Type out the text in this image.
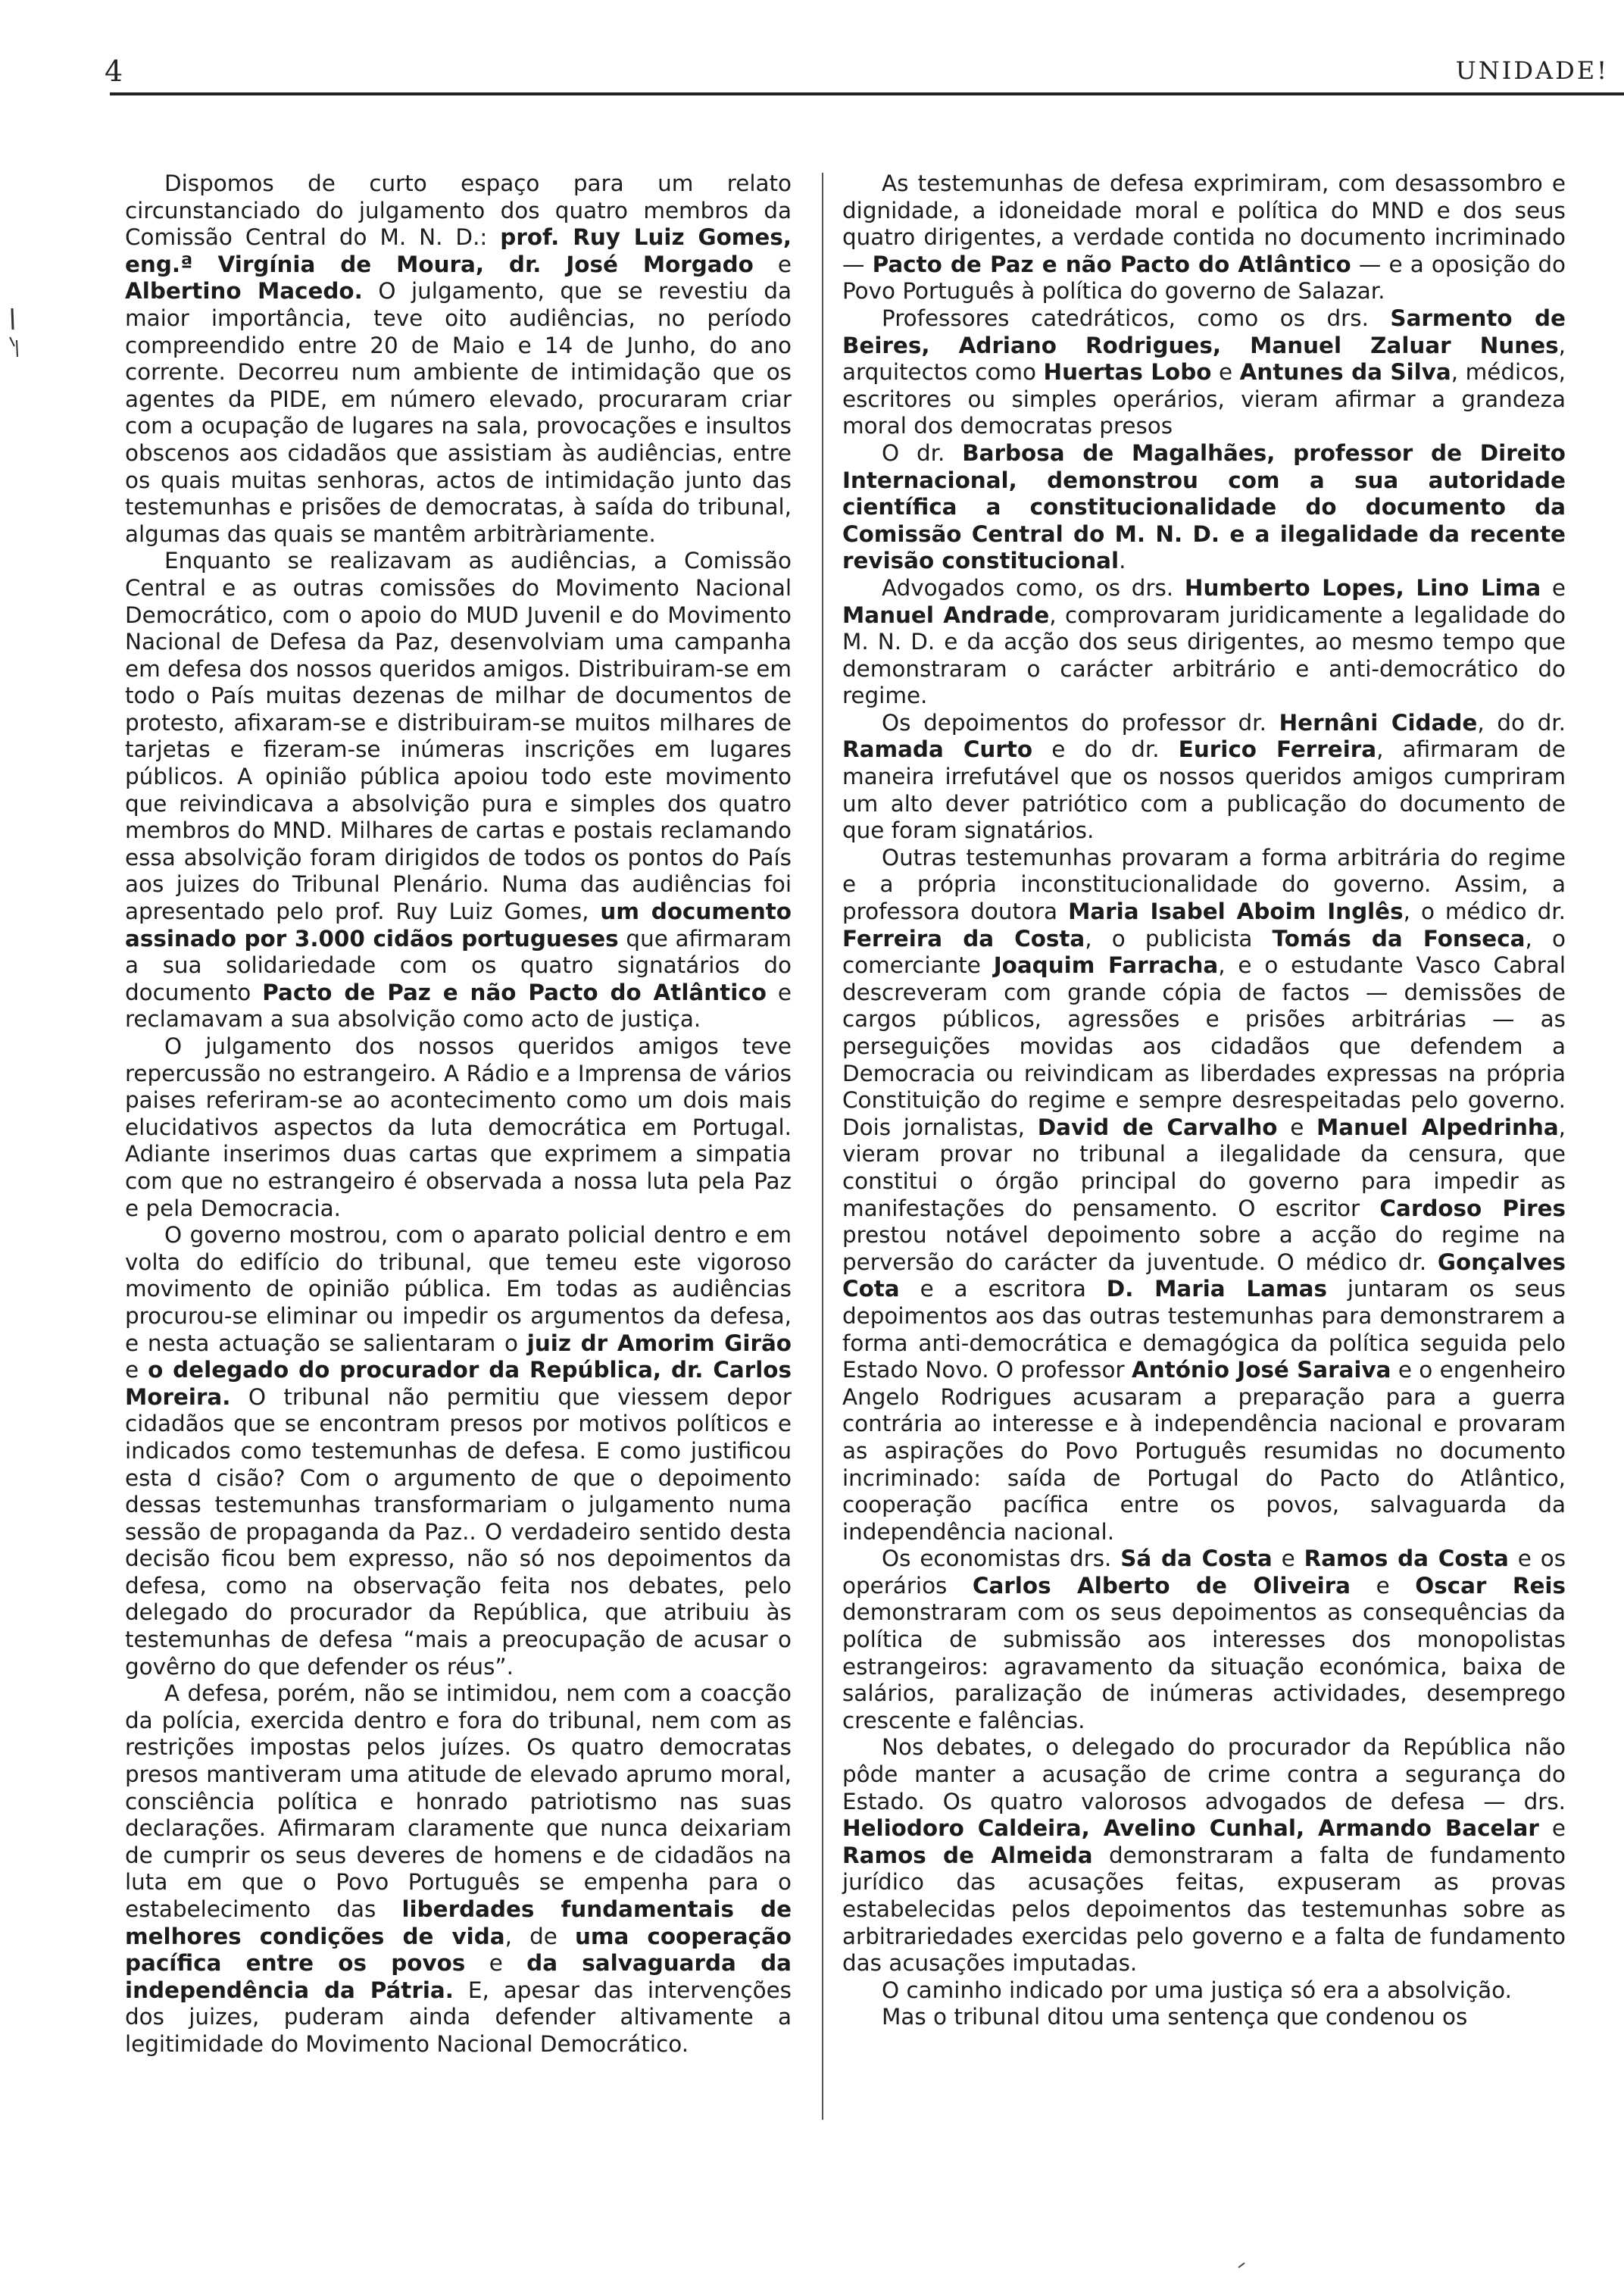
4	UNIDADE!

Dispomos de curto espaço para um relato circunstanciado do julgamento dos quatro membros da Comissão Central do M. N. D.: prof. Ruy Luiz Gomes, eng.ª Virgínia de Moura, dr. José Morgado e Albertino Macedo. O julgamento, que se revestiu da maior importância, teve oito audiências, no período compreendido entre 20 de Maio e 14 de Junho, do ano corrente. Decorreu num ambiente de intimidação que os agentes da PIDE, em número elevado, procuraram criar com a ocupação de lugares na sala, provocações e insultos obscenos aos cidadãos que assistiam às audiências, entre os quais muitas senhoras, actos de intimidação junto das testemunhas e prisões de democratas, à saída do tribunal, algumas das quais se mantêm arbitràriamente.

Enquanto se realizavam as audiências, a Comissão Central e as outras comissões do Movimento Nacional Democrático, com o apoio do MUD Juvenil e do Movimento Nacional de Defesa da Paz, desenvolviam uma campanha em defesa dos nossos queridos amigos. Distribuiram-se em todo o País muitas dezenas de milhar de documentos de protesto, afixaram-se e distribuiram-se muitos milhares de tarjetas e fizeram-se inúmeras inscrições em lugares públicos. A opinião pública apoiou todo este movimento que reivindicava a absolvição pura e simples dos quatro membros do MND. Milhares de cartas e postais reclamando essa absolvição foram dirigidos de todos os pontos do País aos juizes do Tribunal Plenário. Numa das audiências foi apresentado pelo prof. Ruy Luiz Gomes, um documento assinado por 3.000 cidãos portugueses que afirmaram a sua solidariedade com os quatro signatários do documento Pacto de Paz e não Pacto do Atlântico e reclamavam a sua absolvição como acto de justiça.

O julgamento dos nossos queridos amigos teve repercussão no estrangeiro. A Rádio e a Imprensa de vários paises referiram-se ao acontecimento como um dois mais elucidativos aspectos da luta democrática em Portugal. Adiante inserimos duas cartas que exprimem a simpatia com que no estrangeiro é observada a nossa luta pela Paz e pela Democracia.

O governo mostrou, com o aparato policial dentro e em volta do edifício do tribunal, que temeu este vigoroso movimento de opinião pública. Em todas as audiências procurou-se eliminar ou impedir os argumentos da defesa, e nesta actuação se salientaram o juiz dr Amorim Girão e o delegado do procurador da República, dr. Carlos Moreira. O tribunal não permitiu que viessem depor cidadãos que se encontram presos por motivos políticos e indicados como testemunhas de defesa. E como justificou esta d cisão? Com o argumento de que o depoimento dessas testemunhas transformariam o julgamento numa sessão de propaganda da Paz.. O verdadeiro sentido desta decisão ficou bem expresso, não só nos depoimentos da defesa, como na observação feita nos debates, pelo delegado do procurador da República, que atribuiu às testemunhas de defesa “mais a preocupação de acusar o govêrno do que defender os réus”.

A defesa, porém, não se intimidou, nem com a coacção da polícia, exercida dentro e fora do tribunal, nem com as restrições impostas pelos juízes. Os quatro democratas presos mantiveram uma atitude de elevado aprumo moral, consciência política e honrado patriotismo nas suas declarações. Afirmaram claramente que nunca deixariam de cumprir os seus deveres de homens e de cidadãos na luta em que o Povo Português se empenha para o estabelecimento das liberdades fundamentais de melhores condições de vida, de uma cooperação pacífica entre os povos e da salvaguarda da independência da Pátria. E, apesar das intervenções dos juizes, puderam ainda defender altivamente a legitimidade do Movimento Nacional Democrático.

As testemunhas de defesa exprimiram, com desassombro e dignidade, a idoneidade moral e política do MND e dos seus quatro dirigentes, a verdade contida no documento incriminado — Pacto de Paz e não Pacto do Atlântico — e a oposição do Povo Português à política do governo de Salazar.

Professores catedráticos, como os drs. Sarmento de Beires, Adriano Rodrigues, Manuel Zaluar Nunes, arquitectos como Huertas Lobo e Antunes da Silva, médicos, escritores ou simples operários, vieram afirmar a grandeza moral dos democratas presos

O dr. Barbosa de Magalhães, professor de Direito Internacional, demonstrou com a sua autoridade científica a constitucionalidade do documento da Comissão Central do M. N. D. e a ilegalidade da recente revisão constitucional.

Advogados como, os drs. Humberto Lopes, Lino Lima e Manuel Andrade, comprovaram juridicamente a legalidade do M. N. D. e da acção dos seus dirigentes, ao mesmo tempo que demonstraram o carácter arbitrário e anti-democrático do regime.

Os depoimentos do professor dr. Hernâni Cidade, do dr. Ramada Curto e do dr. Eurico Ferreira, afirmaram de maneira irrefutável que os nossos queridos amigos cumpriram um alto dever patriótico com a publicação do documento de que foram signatários.

Outras testemunhas provaram a forma arbitrária do regime e a própria inconstitucionalidade do governo. Assim, a professora doutora Maria Isabel Aboim Inglês, o médico dr. Ferreira da Costa, o publicista Tomás da Fonseca, o comerciante Joaquim Farracha, e o estudante Vasco Cabral descreveram com grande cópia de factos — demissões de cargos públicos, agressões e prisões arbitrárias — as perseguições movidas aos cidadãos que defendem a Democracia ou reivindicam as liberdades expressas na própria Constituição do regime e sempre desrespeitadas pelo governo. Dois jornalistas, David de Carvalho e Manuel Alpedrinha, vieram provar no tribunal a ilegalidade da censura, que constitui o órgão principal do governo para impedir as manifestações do pensamento. O escritor Cardoso Pires prestou notável depoimento sobre a acção do regime na perversão do carácter da juventude. O médico dr. Gonçalves Cota e a escritora D. Maria Lamas juntaram os seus depoimentos aos das outras testemunhas para demonstrarem a forma anti-democrática e demagógica da política seguida pelo Estado Novo. O professor António José Saraiva e o engenheiro Angelo Rodrigues acusaram a preparação para a guerra contrária ao interesse e à independência nacional e provaram as aspirações do Povo Português resumidas no documento incriminado: saída de Portugal do Pacto do Atlântico, cooperação pacífica entre os povos, salvaguarda da independência nacional.

Os economistas drs. Sá da Costa e Ramos da Costa e os operários Carlos Alberto de Oliveira e Oscar Reis demonstraram com os seus depoimentos as consequências da política de submissão aos interesses dos monopolistas estrangeiros: agravamento da situação económica, baixa de salários, paralização de inúmeras actividades, desemprego crescente e falências.

Nos debates, o delegado do procurador da República não pôde manter a acusação de crime contra a segurança do Estado. Os quatro valorosos advogados de defesa — drs. Heliodoro Caldeira, Avelino Cunhal, Armando Bacelar e Ramos de Almeida demonstraram a falta de fundamento jurídico das acusações feitas, expuseram as provas estabelecidas pelos depoimentos das testemunhas sobre as arbitrariedades exercidas pelo governo e a falta de fundamento das acusações imputadas.

O caminho indicado por uma justiça só era a absolvição.

Mas o tribunal ditou uma sentença que condenou os
